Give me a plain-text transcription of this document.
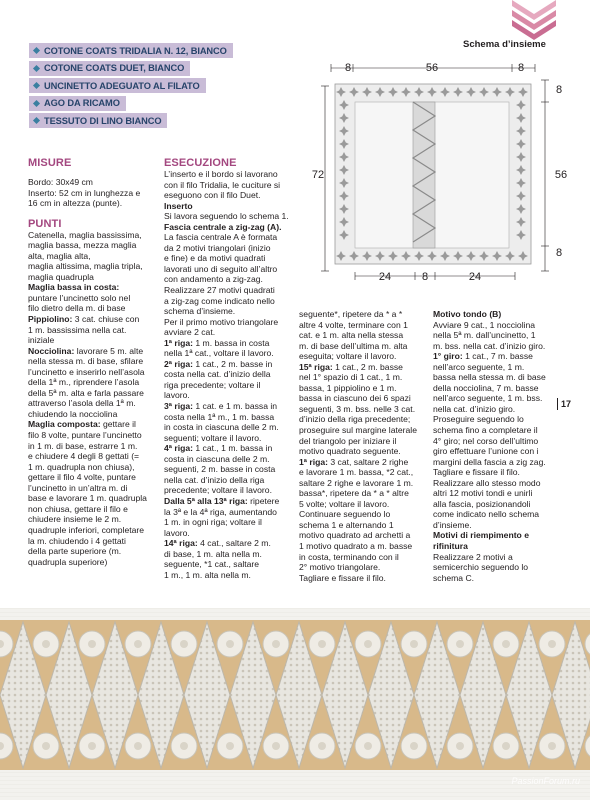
COTONE COATS TRIDALIA N. 12, BIANCO
COTONE COATS DUET, BIANCO
UNCINETTO ADEGUATO AL FILATO
AGO DA RICAMO
TESSUTO DI LINO BIANCO
Schema d’insieme
8	56	8
8
56
8
72
24	8	24

MISURE

Bordo: 30x49 cm

Inserto: 52 cm in lunghezza e

16 cm in altezza (punte).

PUNTI

Catenella, maglia bassissima,

maglia bassa, mezza maglia

alta, maglia alta,

maglia altissima, maglia tripla,

maglia quadrupla

Maglia bassa in costa:

puntare l’uncinetto solo nel

filo dietro della m. di base

Pippiolino: 3 cat. chiuse con

1 m. bassissima nella cat.

iniziale

Nocciolina: lavorare 5 m. alte

nella stessa m. di base, sfilare

l’uncinetto e inserirlo nell’asola

della 1ª m., riprendere l’asola

della 5ª m. alta e farla passare

attraverso l’asola della 1ª m.

chiudendo la nocciolina

Maglia composta: gettare il

filo 8 volte, puntare l’uncinetto

in 1 m. di base, estrarre 1 m.

e chiudere 4 degli 8 gettati (=

1 m. quadrupla non chiusa),

gettare il filo 4 volte, puntare

l’uncinetto in un’altra m. di

base e lavorare 1 m. quadrupla

non chiusa, gettare il filo e

chiudere insieme le 2 m.

quadruple inferiori, completare

la m. chiudendo i 4 gettati

della parte superiore (m.

quadrupla superiore)

ESECUZIONE

L’inserto e il bordo si lavorano

con il filo Tridalia, le cuciture si

eseguono con il filo Duet.

Inserto

Si lavora seguendo lo schema 1.

Fascia centrale a zig-zag (A).

La fascia centrale A è formata

da 2 motivi triangolari (inizio

e fine) e da motivi quadrati

lavorati uno di seguito all’altro

con andamento a zig-zag.

Realizzare 27 motivi quadrati

a zig-zag come indicato nello

schema d’insieme.

Per il primo motivo triangolare

avviare 2 cat.

1ª riga: 1 m. bassa in costa

nella 1ª cat., voltare il lavoro.

2ª riga: 1 cat., 2 m. basse in

costa nella cat. d’inizio della

riga precedente; voltare il

lavoro.

3ª riga: 1 cat. e 1 m. bassa in

costa nella 1ª m., 1 m. bassa

in costa in ciascuna delle 2 m.

seguenti; voltare il lavoro.

4ª riga: 1 cat., 1 m. bassa in

costa in ciascuna delle 2 m.

seguenti, 2 m. basse in costa

nella cat. d’inizio della riga

precedente; voltare il lavoro.

Dalla 5ª alla 13ª riga: ripetere

la 3ª e la 4ª riga, aumentando

1 m. in ogni riga; voltare il

lavoro.

14ª riga: 4 cat., saltare 2 m.

di base, 1 m. alta nella m.

seguente, *1 cat., saltare

1 m., 1 m. alta nella m.

seguente*, ripetere da * a *

altre 4 volte, terminare con 1

cat. e 1 m. alta nella stessa

m. di base dell’ultima m. alta

eseguita; voltare il lavoro.

15ª riga: 1 cat., 2 m. basse

nel 1° spazio di 1 cat., 1 m.

bassa, 1 pippiolino e 1 m.

bassa in ciascuno dei 6 spazi

seguenti, 3 m. bss. nelle 3 cat.

d’inizio della riga precedente;

proseguire sul margine laterale

del triangolo per iniziare il

motivo quadrato seguente.

1ª riga: 3 cat, saltare 2 righe

e lavorare 1 m. bassa, *2 cat.,

saltare 2 righe e lavorare 1 m.

bassa*, ripetere da * a * altre

5 volte; voltare il lavoro.

Continuare seguendo lo

schema 1 e alternando 1

motivo quadrato ad archetti a

1 motivo quadrato a m. basse

in costa, terminando con il

2° motivo triangolare.

Tagliare e fissare il filo.

Motivo tondo (B)

Avviare 9 cat., 1 nocciolina

nella 5ª m. dall’uncinetto, 1

m. bss. nella cat. d’inizio giro.

1° giro: 1 cat., 7 m. basse

nell’arco seguente, 1 m.

bassa nella stessa m. di base

della nocciolina, 7 m. basse

nell’arco seguente, 1 m. bss.

nella cat. d’inizio giro.

Proseguire seguendo lo

schema fino a completare il

4° giro; nel corso dell’ultimo

giro effettuare l’unione con i

margini della fascia a zig zag.

Tagliare e fissare il filo.

Realizzare allo stesso modo

altri 12 motivi tondi e unirli

alla fascia, posizionandoli

come indicato nello schema

d’insieme.

Motivi di riempimento e

rifinitura

Realizzare 2 motivi a

semicerchio seguendo lo

schema C.

17
PassionForum.ru
